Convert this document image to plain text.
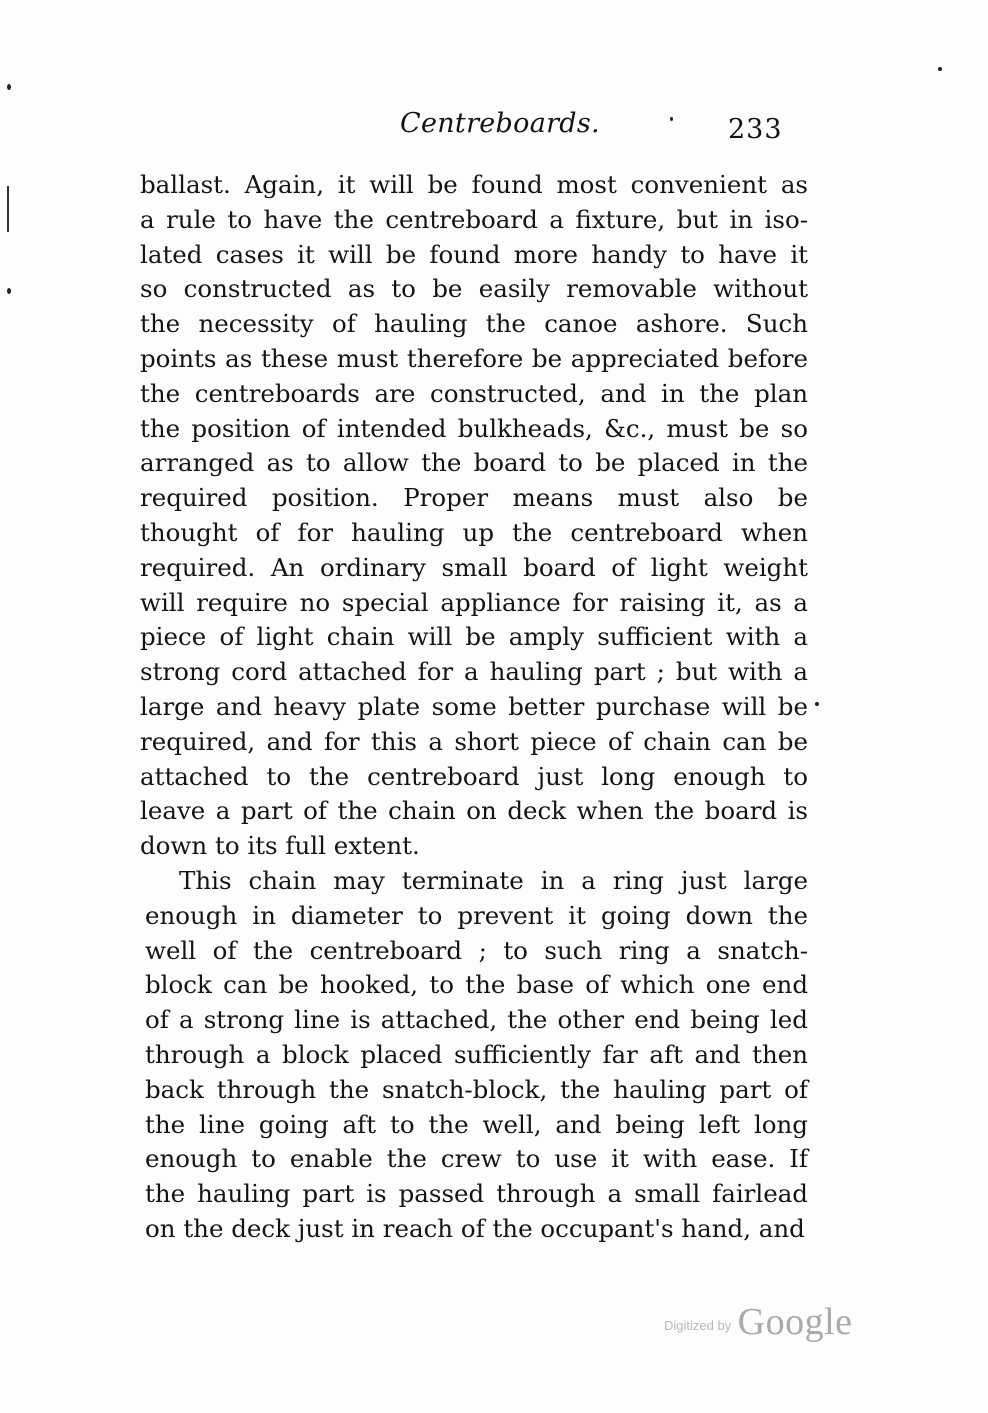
Centreboards.	233
ballast. Again, it will be found most convenient as
a rule to have the centreboard a fixture, but in iso-
lated cases it will be found more handy to have it
so constructed as to be easily removable without
the necessity of hauling the canoe ashore. Such
points as these must therefore be appreciated before
the centreboards are constructed, and in the plan
the position of intended bulkheads, &c., must be so
arranged as to allow the board to be placed in the
required position. Proper means must also be
thought of for hauling up the centreboard when
required. An ordinary small board of light weight
will require no special appliance for raising it, as a
piece of light chain will be amply sufficient with a
strong cord attached for a hauling part ; but with a
large and heavy plate some better purchase will be
required, and for this a short piece of chain can be
attached to the centreboard just long enough to
leave a part of the chain on deck when the board is
down to its full extent.
This chain may terminate in a ring just large
enough in diameter to prevent it going down the
well of the centreboard ; to such ring a snatch-
block can be hooked, to the base of which one end
of a strong line is attached, the other end being led
through a block placed sufficiently far aft and then
back through the snatch-block, the hauling part of
the line going aft to the well, and being left long
enough to enable the crew to use it with ease. If
the hauling part is passed through a small fairlead
on the deck just in reach of the occupant's hand, and
$^{Digitized by}$ Google
